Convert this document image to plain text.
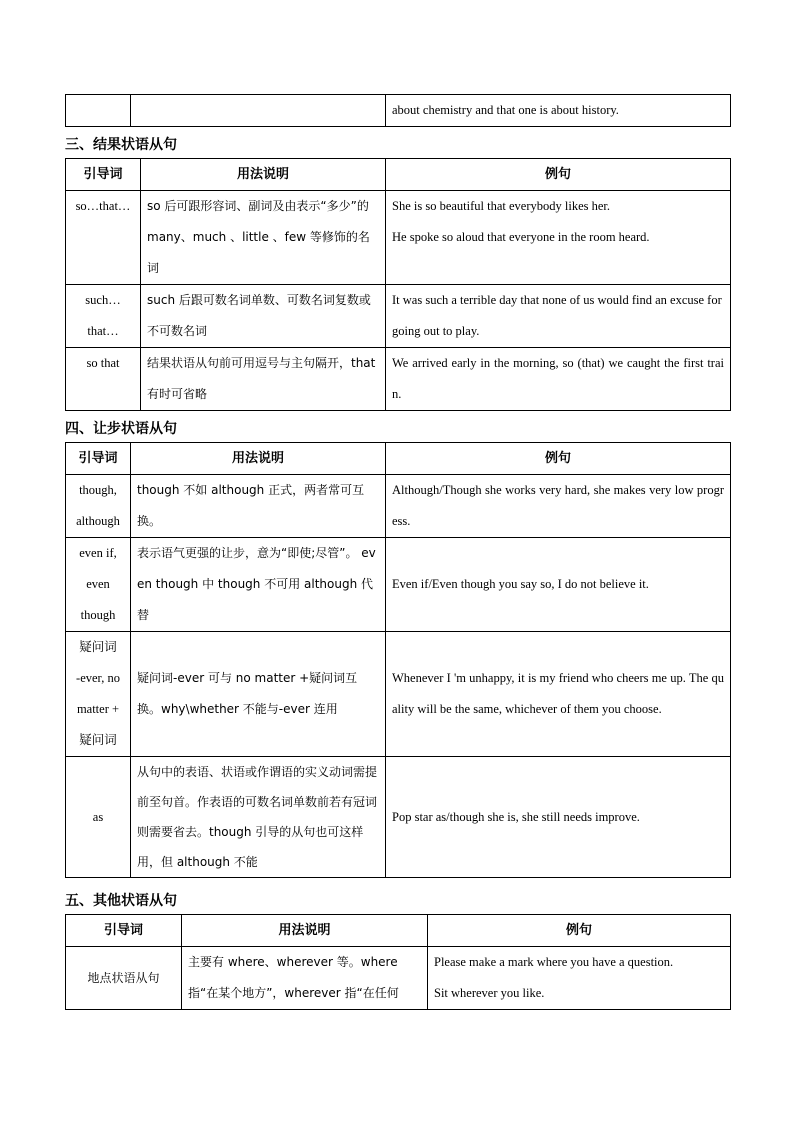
		about chemistry and that one is about history.
三、结果状语从句
引导词	用法说明	例句

so…that…	so 后可跟形容词、副词及由表示“多少”的 many、much 、little 、few 等修饰的名词	She is so beautiful that everybody likes her.
He spoke so aloud that everyone in the room heard.

such…
that…	such 后跟可数名词单数、可数名词复数或不可数名词	It was such a terrible day that none of us would find an excuse for going out to play.

so that	结果状语从句前可用逗号与主句隔开，that 有时可省略	We arrived early in the morning, so (that) we caught the first train.
四、让步状语从句
引导词	用法说明	例句

though,
although	though 不如 although 正式，两者常可互换。	Although/Though she works very hard, she makes very low progress.

even if,
even
though	表示语气更强的让步，意为“即使;尽管”。 even though 中 though 不可用 although 代替	Even if/Even though you say so, I do not believe it.

疑问词
-ever, no
matter +
疑问词	疑问词-ever 可与 no matter +疑问词互换。why\whether 不能与-ever 连用	Whenever I 'm unhappy, it is my friend who cheers me up. The quality will be the same, whichever of them you choose.

as	从句中的表语、状语或作谓语的实义动词需提前至句首。作表语的可数名词单数前若有冠词则需要省去。though 引导的从句也可这样用，但 although 不能	Pop star as/though she is, she still needs improve.
五、其他状语从句
引导词	用法说明	例句

地点状语从句	主要有 where、wherever 等。where 指“在某个地方”，wherever 指“在任何	Please make a mark where you have a question.
Sit wherever you like.
